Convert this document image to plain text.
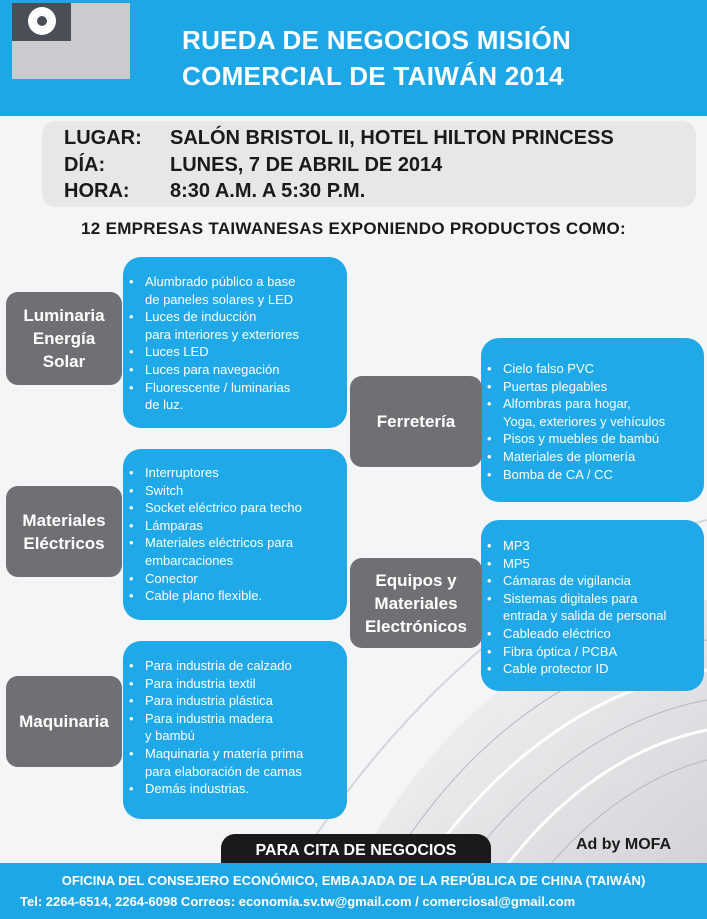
RUEDA DE NEGOCIOS MISIÓN
COMERCIAL DE TAIWÁN 2014
LUGAR: SALÓN BRISTOL II, HOTEL HILTON PRINCESS
DÍA:	LUNES, 7 DE ABRIL DE 2014
HORA: 8:30 A.M. A 5:30 P.M.
12 EMPRESAS TAIWANESAS EXPONIENDO PRODUCTOS COMO:
• Alumbrado público a base
de paneles solares y LED
• Luces de inducción
para interiores y exteriores
• Luces LED
• Luces para navegación
• Fluorescente / luminarias
de luz.
Luminaria
Energía
Solar
• Interruptores
• Switch
• Socket eléctrico para techo
• Lámparas
• Materiales eléctricos para
embarcaciones
• Conector
• Cable plano flexible.
Materiales
Eléctricos
• Para industria de calzado
• Para industria textil
• Para industria plástica
• Para industria madera
y bambú
• Maquinaria y matería prima
para elaboración de camas
• Demás industrias.
Maquinaria
• Cielo falso PVC
• Puertas plegables
• Alfombras para hogar,
Yoga, exteriores y vehículos
• Pisos y muebles de bambú
• Materiales de plomería
• Bomba de CA / CC
Ferretería
• MP3
• MP5
• Cámaras de vigilancia
• Sistemas digitales para
entrada y salida de personal
• Cableado eléctrico
• Fibra óptica / PCBA
• Cable protector ID
Equipos y
Materiales
Electrónicos
PARA CITA DE NEGOCIOS	Ad by MOFA
OFICINA DEL CONSEJERO ECONÓMICO, EMBAJADA DE LA REPÚBLICA DE CHINA (TAIWÁN)
Tel: 2264-6514, 2264-6098 Correos: economía.sv.tw@gmail.com / comerciosal@gmail.com
